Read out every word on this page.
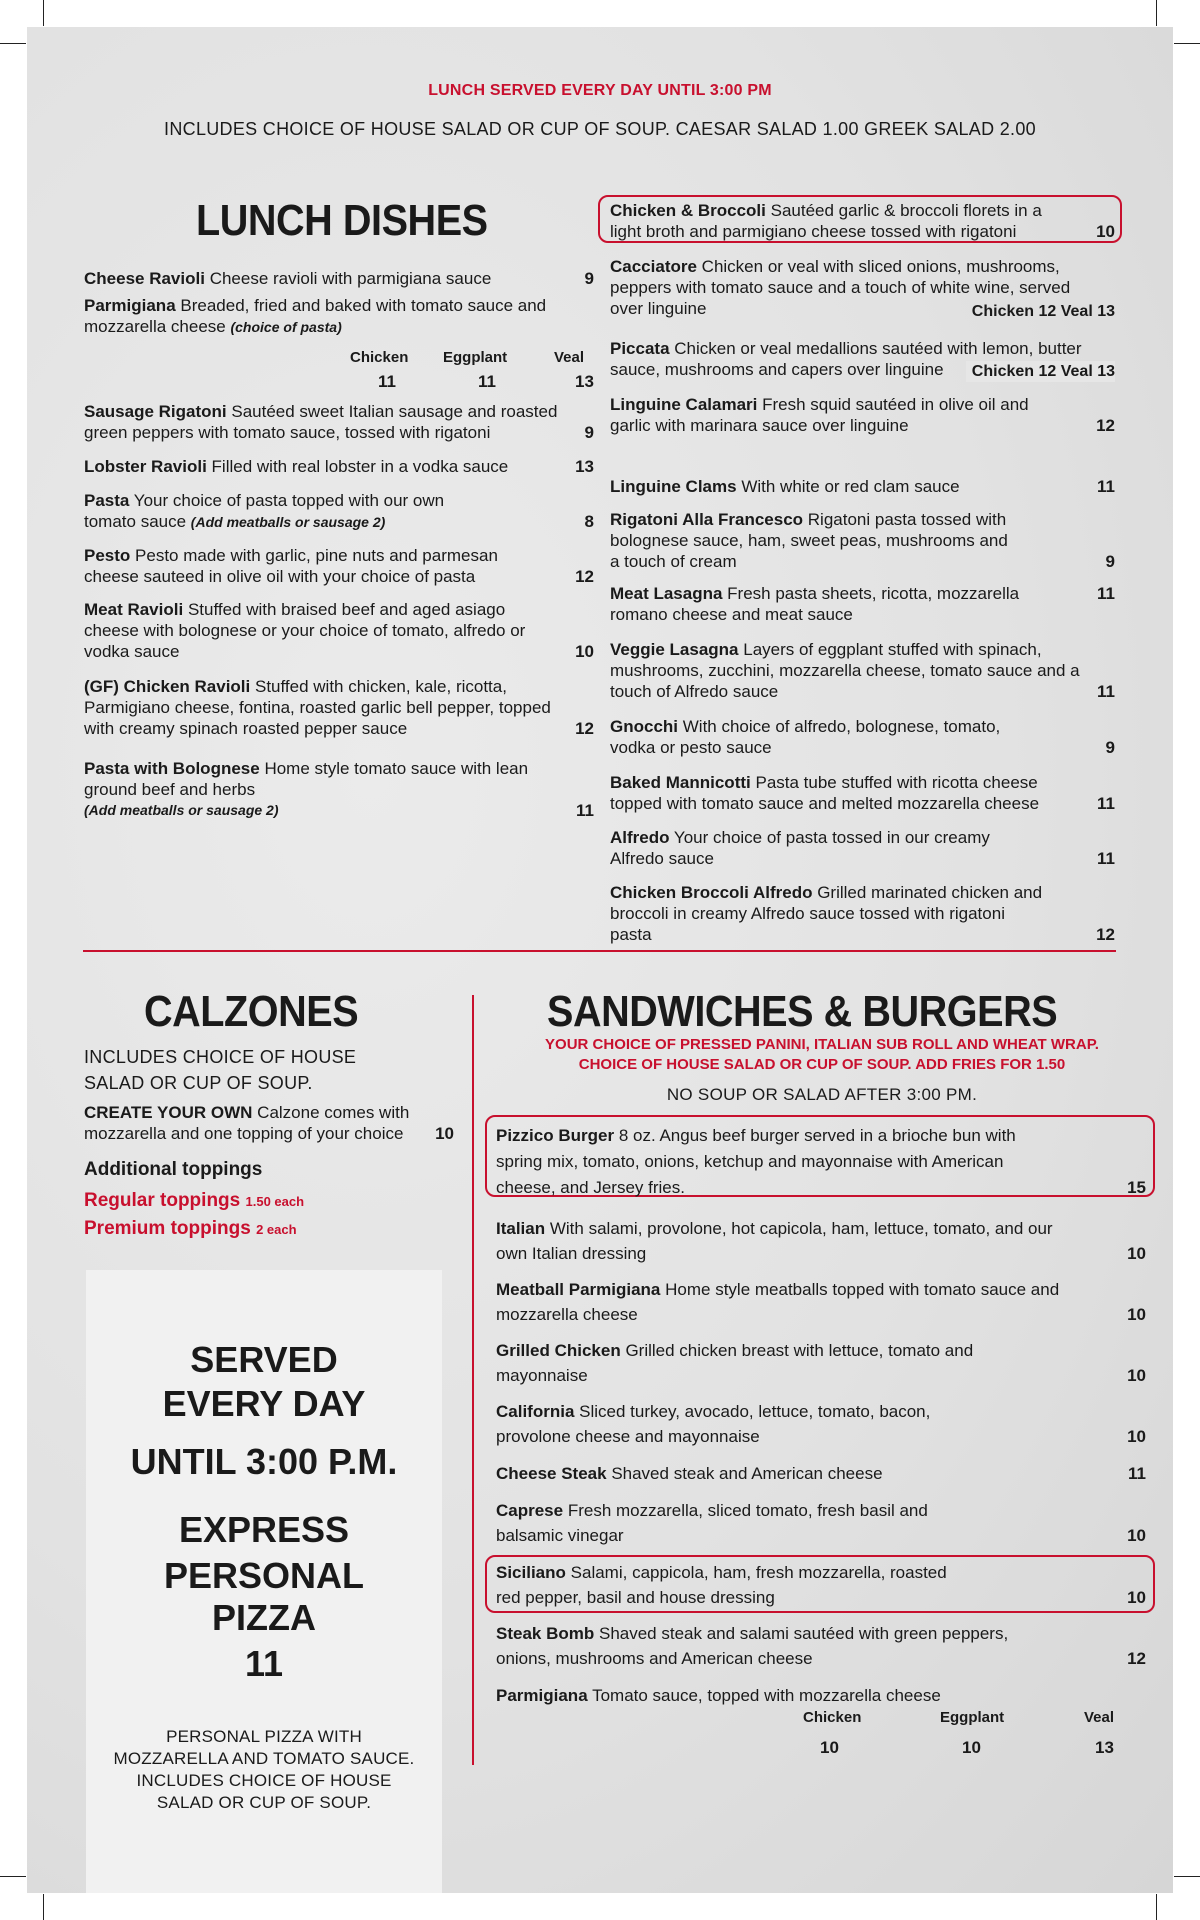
LUNCH SERVED EVERY DAY UNTIL 3:00 PM
INCLUDES CHOICE OF HOUSE SALAD OR CUP OF SOUP. CAESAR SALAD 1.00 GREEK SALAD 2.00
LUNCH DISHES
Cheese Ravioli Cheese ravioli with parmigiana sauce	9
Parmigiana Breaded, fried and baked with tomato sauce and mozzarella cheese (choice of pasta)
Chicken Eggplant	Veal
11	11	13
Sausage Rigatoni Sautéed sweet Italian sausage and roasted green peppers with tomato sauce, tossed with rigatoni	9
Lobster Ravioli Filled with real lobster in a vodka sauce	13
Pasta Your choice of pasta topped with our own tomato sauce (Add meatballs or sausage 2)	8
Pesto Pesto made with garlic, pine nuts and parmesan cheese sauteed in olive oil with your choice of pasta	12
Meat Ravioli Stuffed with braised beef and aged asiago cheese with bolognese or your choice of tomato, alfredo or vodka sauce	10
(GF) Chicken Ravioli Stuffed with chicken, kale, ricotta, Parmigiano cheese, fontina, roasted garlic bell pepper, topped with creamy spinach roasted pepper sauce	12
Pasta with Bolognese Home style tomato sauce with lean ground beef and herbs
(Add meatballs or sausage 2)	11
Chicken & Broccoli Sautéed garlic & broccoli florets in a light broth and parmigiano cheese tossed with rigatoni	10
Cacciatore Chicken or veal with sliced onions, mushrooms, peppers with tomato sauce and a touch of white wine, served over linguine	Chicken 12 Veal 13
Piccata Chicken or veal medallions sautéed with lemon, butter sauce, mushrooms and capers over linguine	Chicken 12 Veal 13
Linguine Calamari Fresh squid sautéed in olive oil and garlic with marinara sauce over linguine	12
Linguine Clams With white or red clam sauce	11
Rigatoni Alla Francesco Rigatoni pasta tossed with bolognese sauce, ham, sweet peas, mushrooms and a touch of cream	9
Meat Lasagna Fresh pasta sheets, ricotta, mozzarella romano cheese and meat sauce
11
Veggie Lasagna Layers of eggplant stuffed with spinach, mushrooms, zucchini, mozzarella cheese, tomato sauce and a touch of Alfredo sauce	11
Gnocchi With choice of alfredo, bolognese, tomato, vodka or pesto sauce	9
Baked Mannicotti Pasta tube stuffed with ricotta cheese topped with tomato sauce and melted mozzarella cheese	11
Alfredo Your choice of pasta tossed in our creamy Alfredo sauce	11
Chicken Broccoli Alfredo Grilled marinated chicken and broccoli in creamy Alfredo sauce tossed with rigatoni pasta	12
CALZONES
INCLUDES CHOICE OF HOUSE SALAD OR CUP OF SOUP.
CREATE YOUR OWN Calzone comes with mozzarella and one topping of your choice	10
Additional toppings
Regular toppings 1.50 each
Premium toppings 2 each
SERVED
EVERY DAY
UNTIL 3:00 P.M.
EXPRESS
PERSONAL
PIZZA
11
PERSONAL PIZZA WITH MOZZARELLA AND TOMATO SAUCE. INCLUDES CHOICE OF HOUSE SALAD OR CUP OF SOUP.
SANDWICHES & BURGERS
YOUR CHOICE OF PRESSED PANINI, ITALIAN SUB ROLL AND WHEAT WRAP.
CHOICE OF HOUSE SALAD OR CUP OF SOUP. ADD FRIES FOR 1.50
NO SOUP OR SALAD AFTER 3:00 PM.
Pizzico Burger 8 oz. Angus beef burger served in a brioche bun with spring mix, tomato, onions, ketchup and mayonnaise with American cheese, and Jersey fries.	15
Italian With salami, provolone, hot capicola, ham, lettuce, tomato, and our own Italian dressing	10
Meatball Parmigiana Home style meatballs topped with tomato sauce and mozzarella cheese	10
Grilled Chicken Grilled chicken breast with lettuce, tomato and mayonnaise	10
California Sliced turkey, avocado, lettuce, tomato, bacon, provolone cheese and mayonnaise	10
Cheese Steak Shaved steak and American cheese	11
Caprese Fresh mozzarella, sliced tomato, fresh basil and balsamic vinegar	10
Siciliano Salami, cappicola, ham, fresh mozzarella, roasted red pepper, basil and house dressing	10
Steak Bomb Shaved steak and salami sautéed with green peppers, onions, mushrooms and American cheese	12
Parmigiana Tomato sauce, topped with mozzarella cheese
Chicken	Eggplant	Veal
10	10	13
